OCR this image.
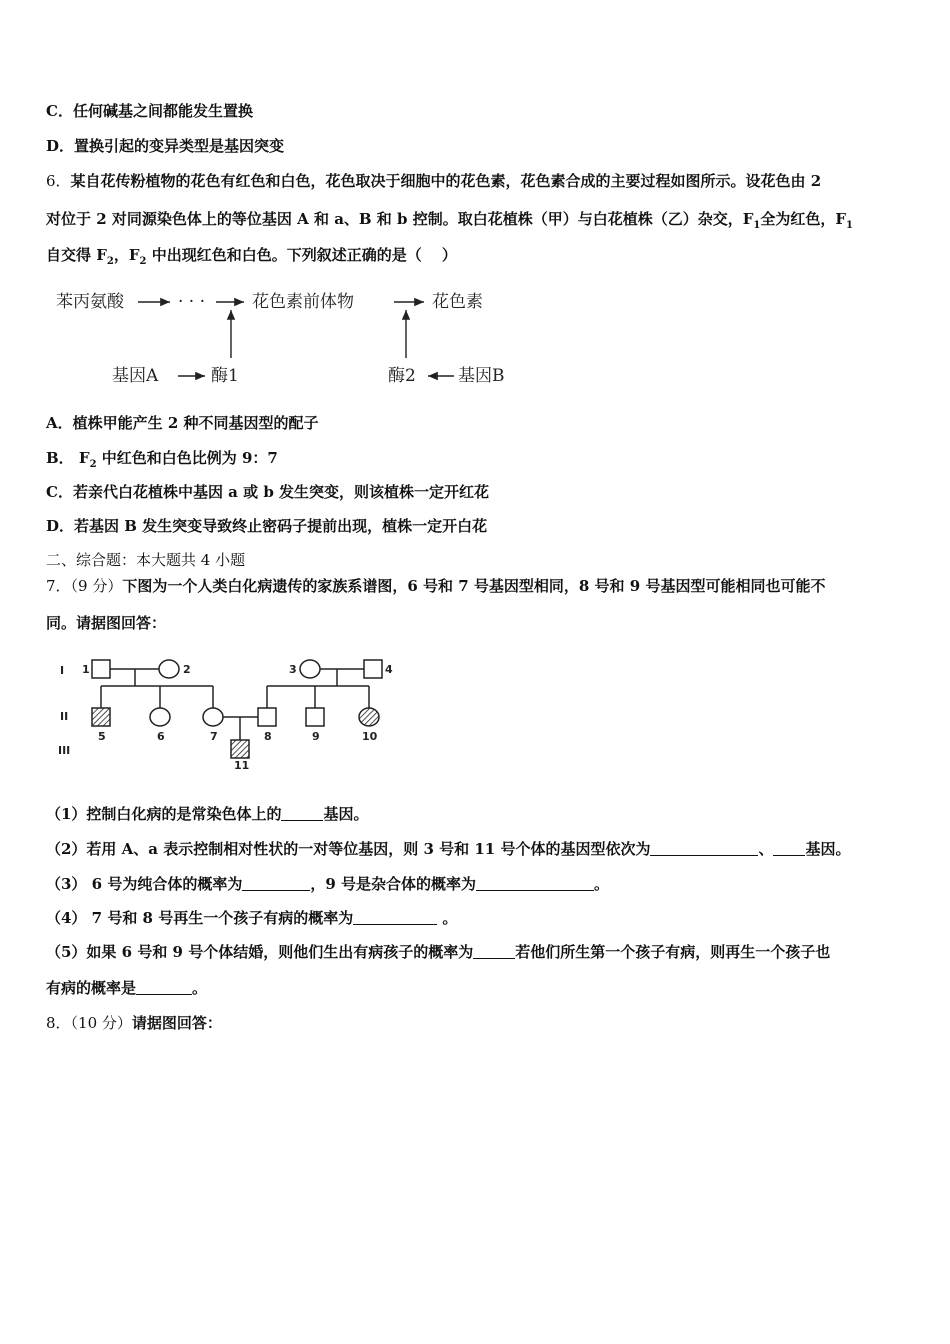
C．任何碱基之间都能发生置换
D．置换引起的变异类型是基因突变
6．某自花传粉植物的花色有红色和白色，花色取决于细胞中的花色素，花色素合成的主要过程如图所示。设花色由 2
对位于 2 对同源染色体上的等位基因 A 和 a、B 和 b 控制。取白花植株（甲）与白花植株（乙）杂交，$F_1$全为红色，$F_1$
自交得 $F_2$，$F_2$ 中出现红色和白色。下列叙述正确的是（　 ）
苯丙氨酸	· · ·	花色素前体物	花色素
基因A	酶1	酶2 基因B
A．植株甲能产生 2 种不同基因型的配子
B． $F_2$ 中红色和白色比例为 9：7
C．若亲代白花植株中基因 a 或 b 发生突变，则该植株一定开红花
D．若基因 B 发生突变导致终止密码子提前出现，植株一定开白花
二、综合题：本大题共 4 小题
7．（9 分）下图为一个人类白化病遗传的家族系谱图，6 号和 7 号基因型相同，8 号和 9 号基因型可能相同也可能不
同。请据图回答：
I
II
III
1	2	3	4
5	6	7	8	9	10
11
（1）控制白化病的是常染色体上的	基因。
（2）若用 A、a 表示控制相对性状的一对等位基因，则 3 号和 11 号个体的基因型依次为	、 基因。
（3） 6 号为纯合体的概率为	，9 号是杂合体的概率为	。
（4） 7 号和 8 号再生一个孩子有病的概率为	。
（5）如果 6 号和 9 号个体结婚，则他们生出有病孩子的概率为	若他们所生第一个孩子有病，则再生一个孩子也
有病的概率是	。
8．（10 分）请据图回答：
